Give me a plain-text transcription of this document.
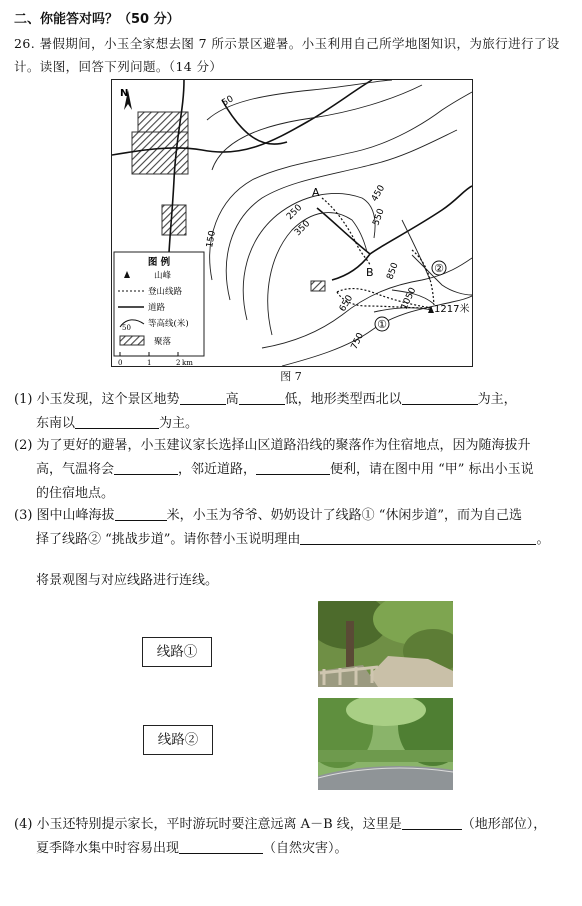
二、你能答对吗？（50 分）
26. 暑假期间，小玉全家想去图 7 所示景区避暑。小玉利用自己所学地图知识，为旅行进行了设计。读图，回答下列问题。（14 分）
N
50
150
250
350
450
550
650
750
850
1050
A
B	②
①
1217米
图 例
山峰
登山线路
道路
50 等高线(米)
聚落
0	1	2 km
图 7
(1) 小玉发现，这个景区地势	高	低，地形类型西北以	为主，
东南以	为主。
(2) 为了更好的避暑，小玉建议家长选择山区道路沿线的聚落作为住宿地点，因为随海拔升
高，气温将会	，邻近道路，	便利，请在图中用 “甲” 标出小玉说
的住宿地点。
(3) 图中山峰海拔	米，小玉为爷爷、奶奶设计了线路① “休闲步道”，而为自己选
择了线路② “挑战步道”。请你替小玉说明理由	。
将景观图与对应线路进行连线。
线路①
线路②
(4) 小玉还特别提示家长，平时游玩时要注意远离 A－B 线，这里是	（地形部位），
夏季降水集中时容易出现	（自然灾害）。
